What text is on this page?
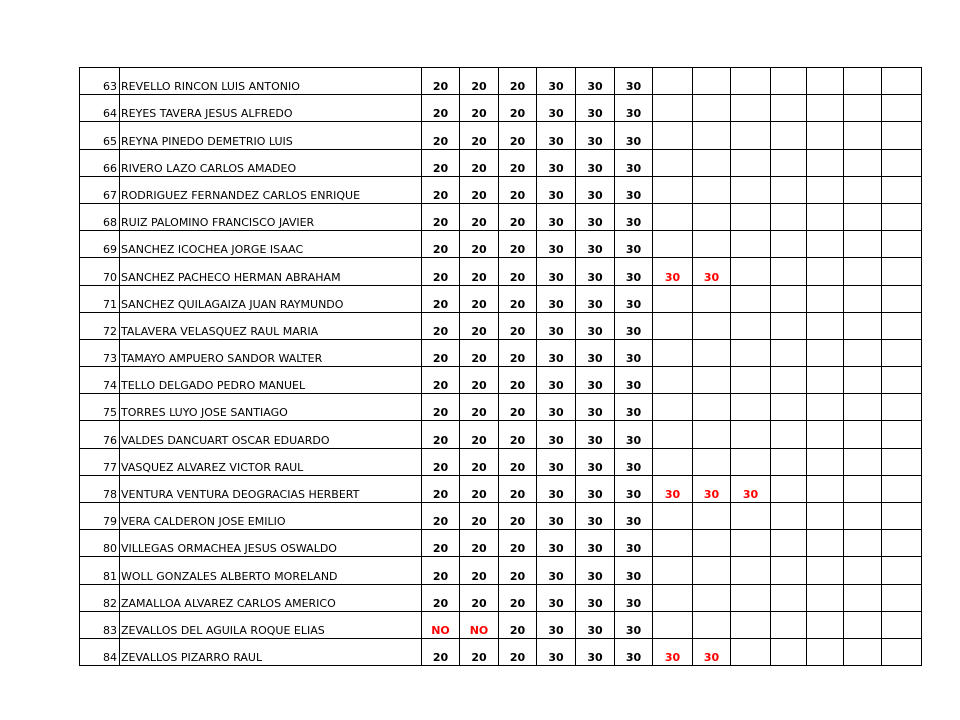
63	REVELLO RINCON LUIS ANTONIO	20	20	20	30	30	30							
64	REYES TAVERA JESUS ALFREDO	20	20	20	30	30	30							
65	REYNA PINEDO DEMETRIO LUIS	20	20	20	30	30	30							
66	RIVERO LAZO CARLOS AMADEO	20	20	20	30	30	30							
67	RODRIGUEZ FERNANDEZ CARLOS ENRIQUE	20	20	20	30	30	30							
68	RUIZ PALOMINO FRANCISCO JAVIER	20	20	20	30	30	30							
69	SANCHEZ ICOCHEA JORGE ISAAC	20	20	20	30	30	30							
70	SANCHEZ PACHECO HERMAN ABRAHAM	20	20	20	30	30	30	30	30					
71	SANCHEZ QUILAGAIZA JUAN RAYMUNDO	20	20	20	30	30	30							
72	TALAVERA VELASQUEZ RAUL MARIA	20	20	20	30	30	30							
73	TAMAYO AMPUERO SANDOR WALTER	20	20	20	30	30	30							
74	TELLO DELGADO PEDRO MANUEL	20	20	20	30	30	30							
75	TORRES LUYO JOSE SANTIAGO	20	20	20	30	30	30							
76	VALDES DANCUART OSCAR EDUARDO	20	20	20	30	30	30							
77	VASQUEZ ALVAREZ VICTOR RAUL	20	20	20	30	30	30							
78	VENTURA VENTURA DEOGRACIAS HERBERT	20	20	20	30	30	30	30	30	30				
79	VERA CALDERON JOSE EMILIO	20	20	20	30	30	30							
80	VILLEGAS ORMACHEA JESUS OSWALDO	20	20	20	30	30	30							
81	WOLL GONZALES ALBERTO MORELAND	20	20	20	30	30	30							
82	ZAMALLOA ALVAREZ CARLOS AMERICO	20	20	20	30	30	30							
83	ZEVALLOS DEL AGUILA ROQUE ELIAS	NO	NO	20	30	30	30							
84	ZEVALLOS PIZARRO RAUL	20	20	20	30	30	30	30	30					
